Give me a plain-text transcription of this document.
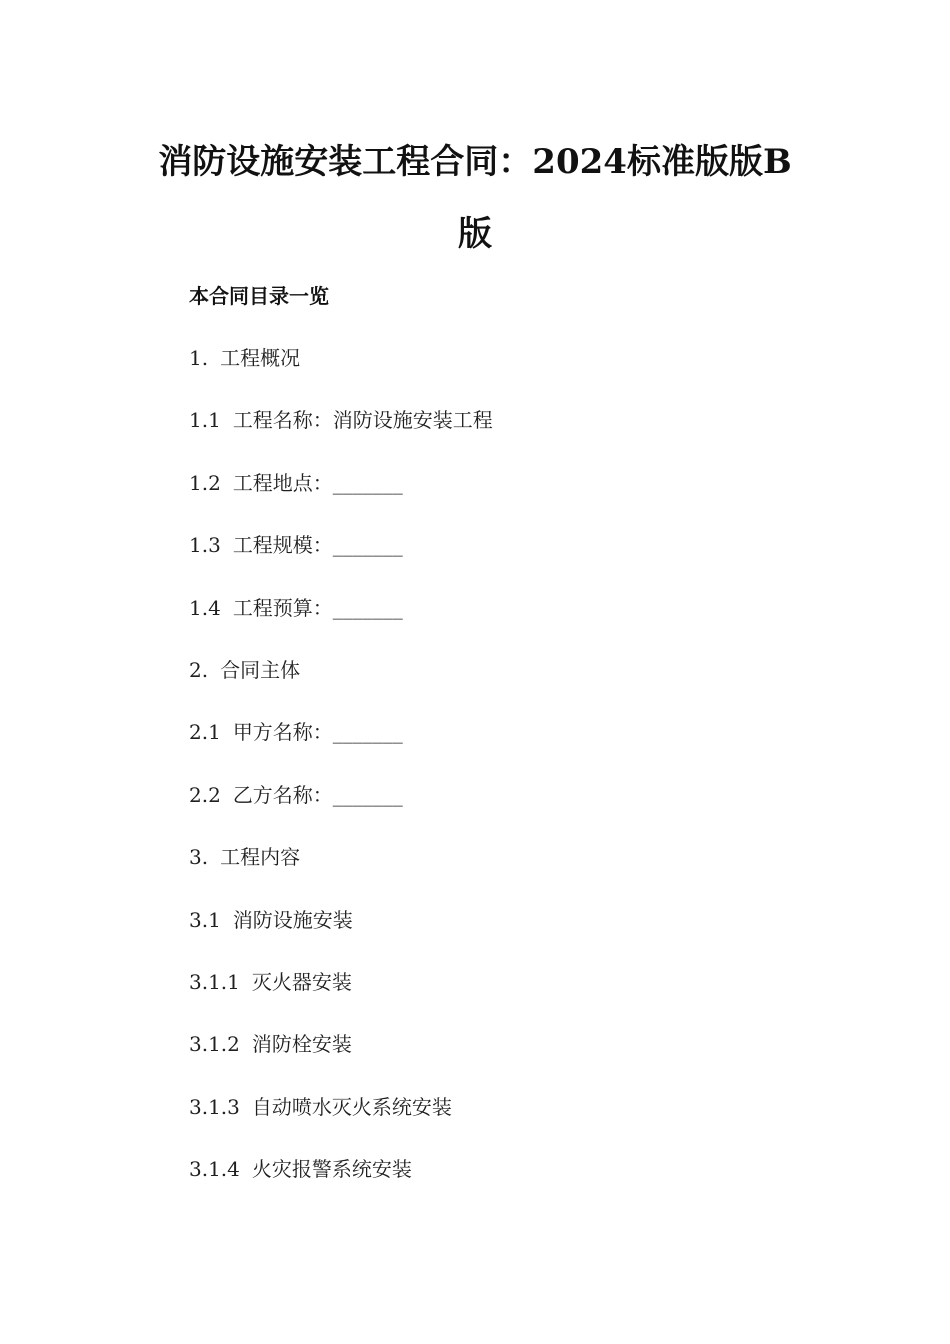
消防设施安装工程合同：2024标准版版B版
本合同目录一览
1. 工程概况
1.1 工程名称：消防设施安装工程
1.2 工程地点：_______
1.3 工程规模：_______
1.4 工程预算：_______
2. 合同主体
2.1 甲方名称：_______
2.2 乙方名称：_______
3. 工程内容
3.1 消防设施安装
3.1.1 灭火器安装
3.1.2 消防栓安装
3.1.3 自动喷水灭火系统安装
3.1.4 火灾报警系统安装
